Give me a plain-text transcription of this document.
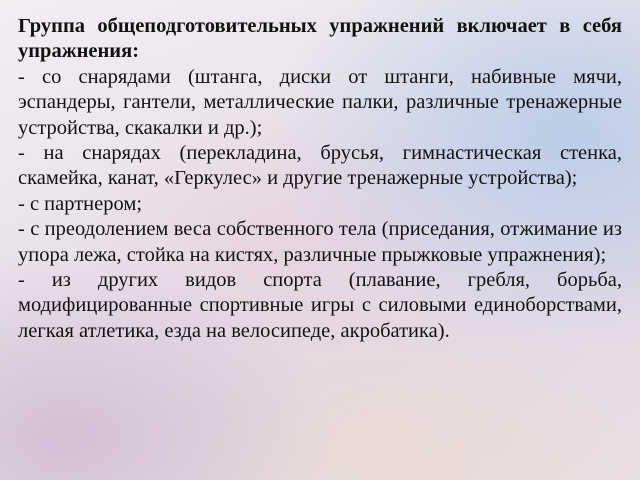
Группа общеподготовительных упражнений включает в себя упражнения:

- со снарядами (штанга, диски от штанги, набивные мячи, эспандеры, гантели, металлические палки, различные тренажерные устройства, скакалки и др.);

- на снарядах (перекладина, брусья, гимнастическая стенка, скамейка, канат, «Геркулес» и другие тренажерные устройства);

- с партнером;

- с преодолением веса собственного тела (приседания, отжимание из упора лежа, стойка на кистях, различные прыжковые упражнения);

- из других видов спорта (плавание, гребля, борьба, модифицированные спортивные игры с силовыми единоборствами, легкая атлетика, езда на велосипеде, акробатика).
